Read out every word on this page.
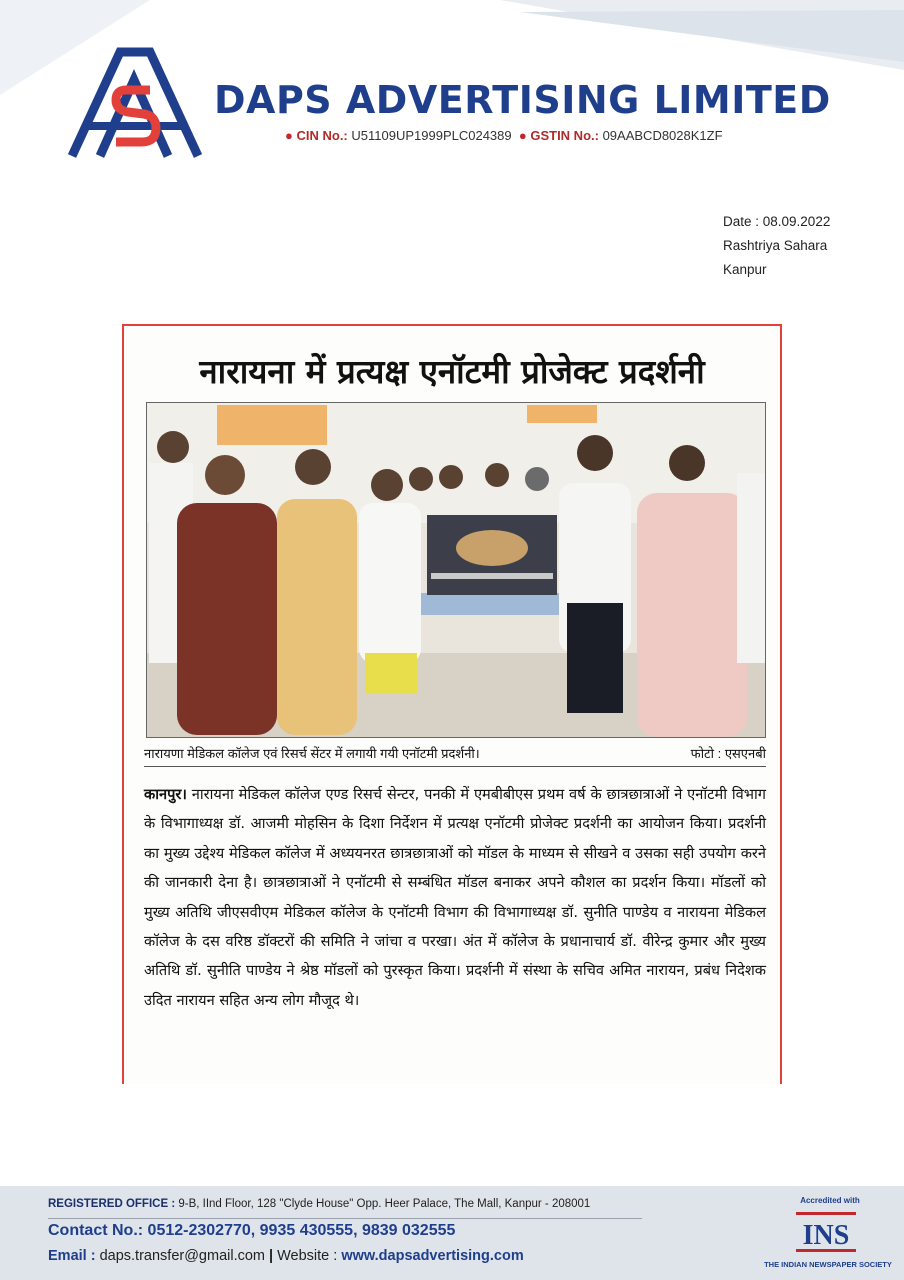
DAPS ADVERTISING LIMITED
● CIN No.: U51109UP1999PLC024389 ● GSTIN No.: 09AABCD8028K1ZF
Date : 08.09.2022
Rashtriya Sahara
Kanpur
नारायना में प्रत्यक्ष एनॉटमी प्रोजेक्ट प्रदर्शनी
नारायणा मेडिकल कॉलेज एवं रिसर्च सेंटर में लगायी गयी एनॉटमी प्रदर्शनी।	फोटो : एसएनबी
कानपुर। नारायना मेडिकल कॉलेज एण्ड रिसर्च सेन्टर, पनकी में एमबीबीएस प्रथम वर्ष के छात्रछात्राओं ने एनॉटमी विभाग के विभागाध्यक्ष डॉ. आजमी मोहसिन के दिशा निर्देशन में प्रत्यक्ष एनॉटमी प्रोजेक्ट प्रदर्शनी का आयोजन किया। प्रदर्शनी का मुख्य उद्देश्य मेडिकल कॉलेज में अध्ययनरत छात्रछात्राओं को मॉडल के माध्यम से सीखने व उसका सही उपयोग करने की जानकारी देना है। छात्रछात्राओं ने एनॉटमी से सम्बंधित मॉडल बनाकर अपने कौशल का प्रदर्शन किया। मॉडलों को मुख्य अतिथि जीएसवीएम मेडिकल कॉलेज के एनॉटमी विभाग की विभागाध्यक्ष डॉ. सुनीति पाण्डेय व नारायना मेडिकल कॉलेज के दस वरिष्ठ डॉक्टरों की समिति ने जांचा व परखा। अंत में कॉलेज के प्रधानाचार्य डॉ. वीरेन्द्र कुमार और मुख्य अतिथि डॉ. सुनीति पाण्डेय ने श्रेष्ठ मॉडलों को पुरस्कृत किया। प्रदर्शनी में संस्था के सचिव अमित नारायन, प्रबंध निदेशक उदित नारायन सहित अन्य लोग मौजूद थे।
REGISTERED OFFICE : 9-B, IInd Floor, 128 "Clyde House" Opp. Heer Palace, The Mall, Kanpur - 208001
Contact No.: 0512-2302770, 9935 430555, 9839 032555
Email : daps.transfer@gmail.com | Website : www.dapsadvertising.com
Accredited with
INS
THE INDIAN NEWSPAPER SOCIETY
